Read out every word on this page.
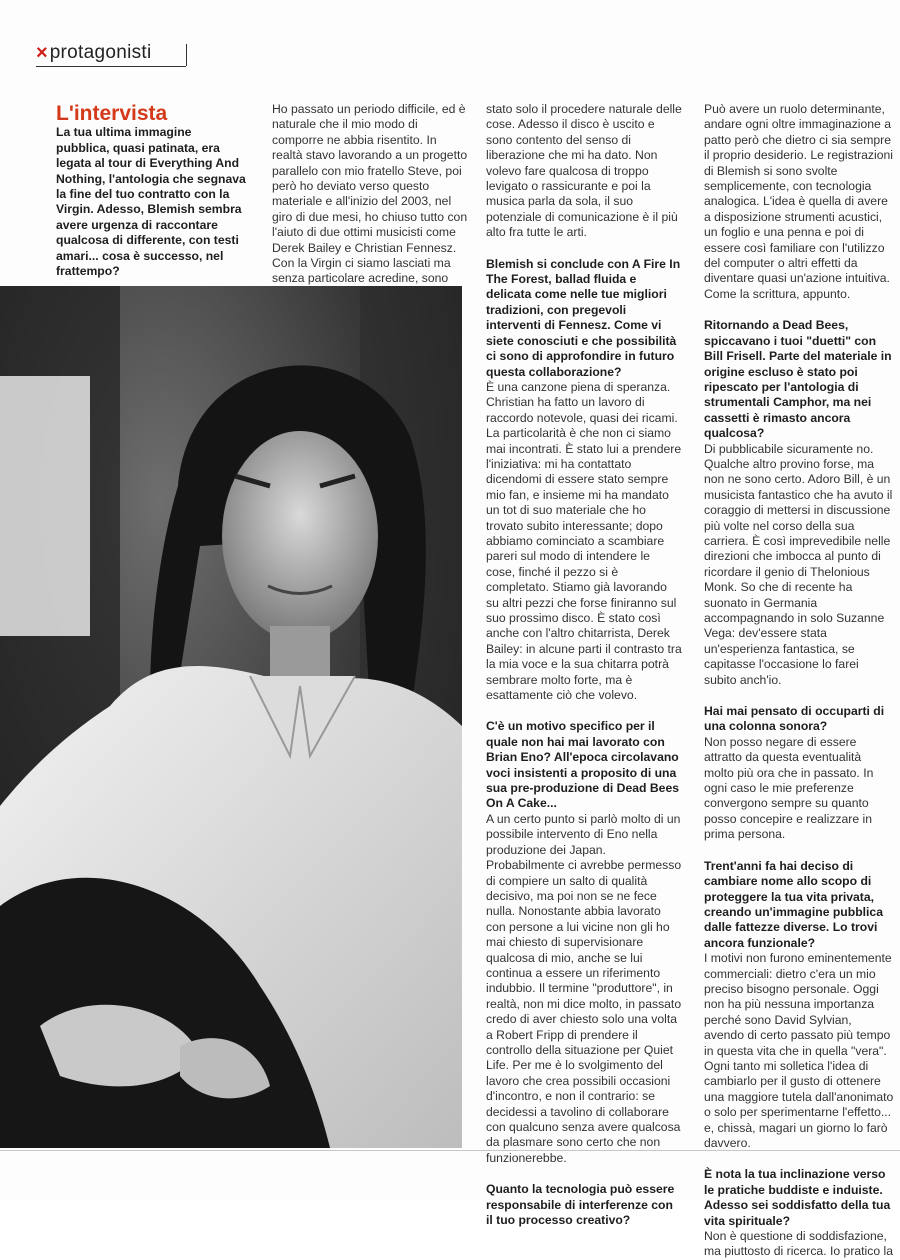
× protagonisti
L'intervista

La tua ultima immagine pubblica, quasi patinata, era legata al tour di Everything And Nothing, l'antologia che segnava la fine del tuo contratto con la Virgin. Adesso, Blemish sembra avere urgenza di raccontare qualcosa di differente, con testi amari... cosa è successo, nel frattempo?

Ho passato un periodo difficile, ed è naturale che il mio modo di comporre ne abbia risentito. In realtà stavo lavorando a un progetto parallelo con mio fratello Steve, poi però ho deviato verso questo materiale e all'inizio del 2003, nel giro di due mesi, ho chiuso tutto con l'aiuto di due ottimi musicisti come Derek Bailey e Christian Fennesz. Con la Virgin ci siamo lasciati ma senza particolare acredine, sono

stato solo il procedere naturale delle cose. Adesso il disco è uscito e sono contento del senso di liberazione che mi ha dato. Non volevo fare qualcosa di troppo levigato o rassicurante e poi la musica parla da sola, il suo potenziale di comunicazione è il più alto fra tutte le arti.

Blemish si conclude con A Fire In The Forest, ballad fluida e delicata come nelle tue migliori tradizioni, con pregevoli interventi di Fennesz. Come vi siete conosciuti e che possibilità ci sono di approfondire in futuro questa collaborazione?

È una canzone piena di speranza. Christian ha fatto un lavoro di raccordo notevole, quasi dei ricami. La particolarità è che non ci siamo mai incontrati. È stato lui a prendere l'iniziativa: mi ha contattato dicendomi di essere stato sempre mio fan, e insieme mi ha mandato un tot di suo materiale che ho trovato subito interessante; dopo abbiamo cominciato a scambiare pareri sul modo di intendere le cose, finché il pezzo si è completato. Stiamo già lavorando su altri pezzi che forse finiranno sul suo prossimo disco. È stato così anche con l'altro chitarrista, Derek Bailey: in alcune parti il contrasto tra la mia voce e la sua chitarra potrà sembrare molto forte, ma è esattamente ciò che volevo.

C'è un motivo specifico per il quale non hai mai lavorato con Brian Eno? All'epoca circolavano voci insistenti a proposito di una sua pre-produzione di Dead Bees On A Cake...

A un certo punto si parlò molto di un possibile intervento di Eno nella produzione dei Japan. Probabilmente ci avrebbe permesso di compiere un salto di qualità decisivo, ma poi non se ne fece nulla. Nonostante abbia lavorato con persone a lui vicine non gli ho mai chiesto di supervisionare qualcosa di mio, anche se lui continua a essere un riferimento indubbio. Il termine "produttore", in realtà, non mi dice molto, in passato credo di aver chiesto solo una volta a Robert Fripp di prendere il controllo della situazione per Quiet Life. Per me è lo svolgimento del lavoro che crea possibili occasioni d'incontro, e non il contrario: se decidessi a tavolino di collaborare con qualcuno senza avere qualcosa da plasmare sono certo che non funzionerebbe.

Quanto la tecnologia può essere responsabile di interferenze con il tuo processo creativo?

Può avere un ruolo determinante, andare ogni oltre immaginazione a patto però che dietro ci sia sempre il proprio desiderio. Le registrazioni di Blemish si sono svolte semplicemente, con tecnologia analogica. L'idea è quella di avere a disposizione strumenti acustici, un foglio e una penna e poi di essere così familiare con l'utilizzo del computer o altri effetti da diventare quasi un'azione intuitiva. Come la scrittura, appunto.

Ritornando a Dead Bees, spiccavano i tuoi "duetti" con Bill Frisell. Parte del materiale in origine escluso è stato poi ripescato per l'antologia di strumentali Camphor, ma nei cassetti è rimasto ancora qualcosa?

Di pubblicabile sicuramente no. Qualche altro provino forse, ma non ne sono certo. Adoro Bill, è un musicista fantastico che ha avuto il coraggio di mettersi in discussione più volte nel corso della sua carriera. È così imprevedibile nelle direzioni che imbocca al punto di ricordare il genio di Thelonious Monk. So che di recente ha suonato in Germania accompagnando in solo Suzanne Vega: dev'essere stata un'esperienza fantastica, se capitasse l'occasione lo farei subito anch'io.

Hai mai pensato di occuparti di una colonna sonora?

Non posso negare di essere attratto da questa eventualità molto più ora che in passato. In ogni caso le mie preferenze convergono sempre su quanto posso concepire e realizzare in prima persona.

Trent'anni fa hai deciso di cambiare nome allo scopo di proteggere la tua vita privata, creando un'immagine pubblica dalle fattezze diverse. Lo trovi ancora funzionale?

I motivi non furono eminentemente commerciali: dietro c'era un mio preciso bisogno personale. Oggi non ha più nessuna importanza perché sono David Sylvian, avendo di certo passato più tempo in questa vita che in quella "vera". Ogni tanto mi solletica l'idea di cambiarlo per il gusto di ottenere una maggiore tutela dall'anonimato o solo per sperimentarne l'effetto... e, chissà, magari un giorno lo farò davvero.

È nota la tua inclinazione verso le pratiche buddiste e induiste. Adesso sei soddisfatto della tua vita spirituale?

Non è questione di soddisfazione, ma piuttosto di ricerca. Io pratico la
